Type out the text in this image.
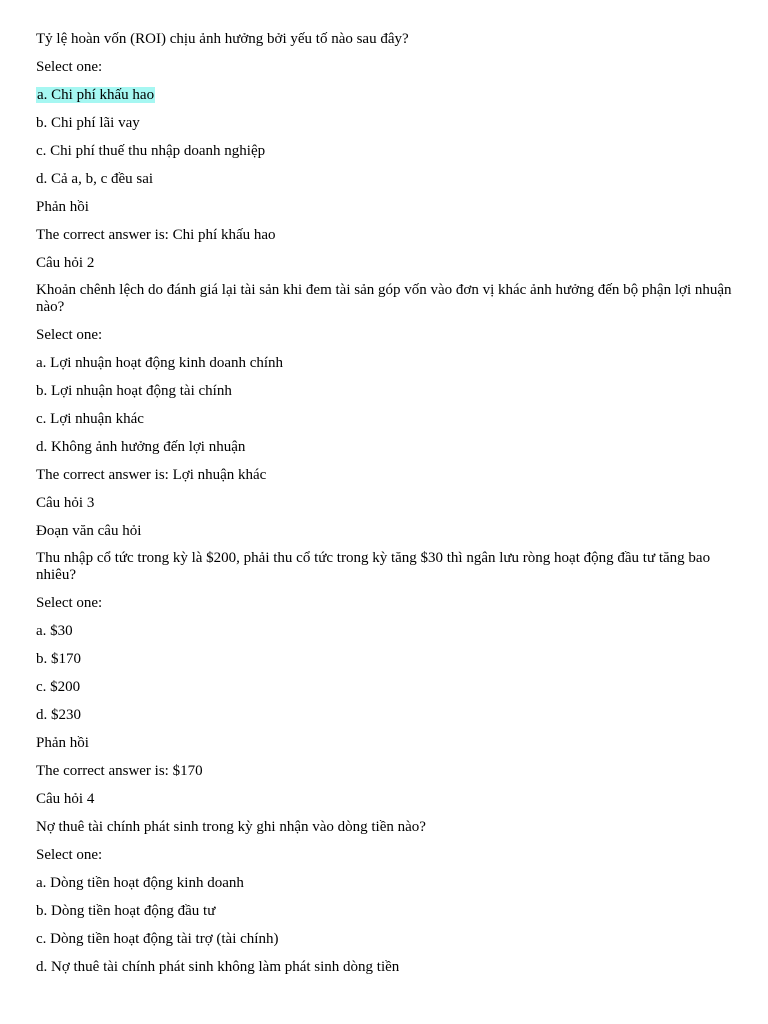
Tỷ lệ hoàn vốn (ROI) chịu ảnh hưởng bởi yếu tố nào sau đây?
Select one:
a. Chi phí khấu hao
b. Chi phí lãi vay
c. Chi phí thuế thu nhập doanh nghiệp
d. Cả a, b, c đều sai
Phản hồi
The correct answer is: Chi phí khấu hao
Câu hỏi 2
Khoản chênh lệch do đánh giá lại tài sản khi đem tài sản góp vốn vào đơn vị khác ảnh hưởng đến bộ phận lợi nhuận nào?
Select one:
a. Lợi nhuận hoạt động kinh doanh chính
b. Lợi nhuận hoạt động tài chính
c. Lợi nhuận khác
d. Không ảnh hưởng đến lợi nhuận
The correct answer is: Lợi nhuận khác
Câu hỏi 3
Đoạn văn câu hỏi
Thu nhập cổ tức trong kỳ là $200, phải thu cổ tức trong kỳ tăng $30 thì ngân lưu ròng hoạt động đầu tư tăng bao nhiêu?
Select one:
a. $30
b. $170
c. $200
d. $230
Phản hồi
The correct answer is: $170
Câu hỏi 4
Nợ thuê tài chính phát sinh trong kỳ ghi nhận vào dòng tiền nào?
Select one:
a. Dòng tiền hoạt động kinh doanh
b. Dòng tiền hoạt động đầu tư
c. Dòng tiền hoạt động tài trợ (tài chính)
d. Nợ thuê tài chính phát sinh không làm phát sinh dòng tiền
